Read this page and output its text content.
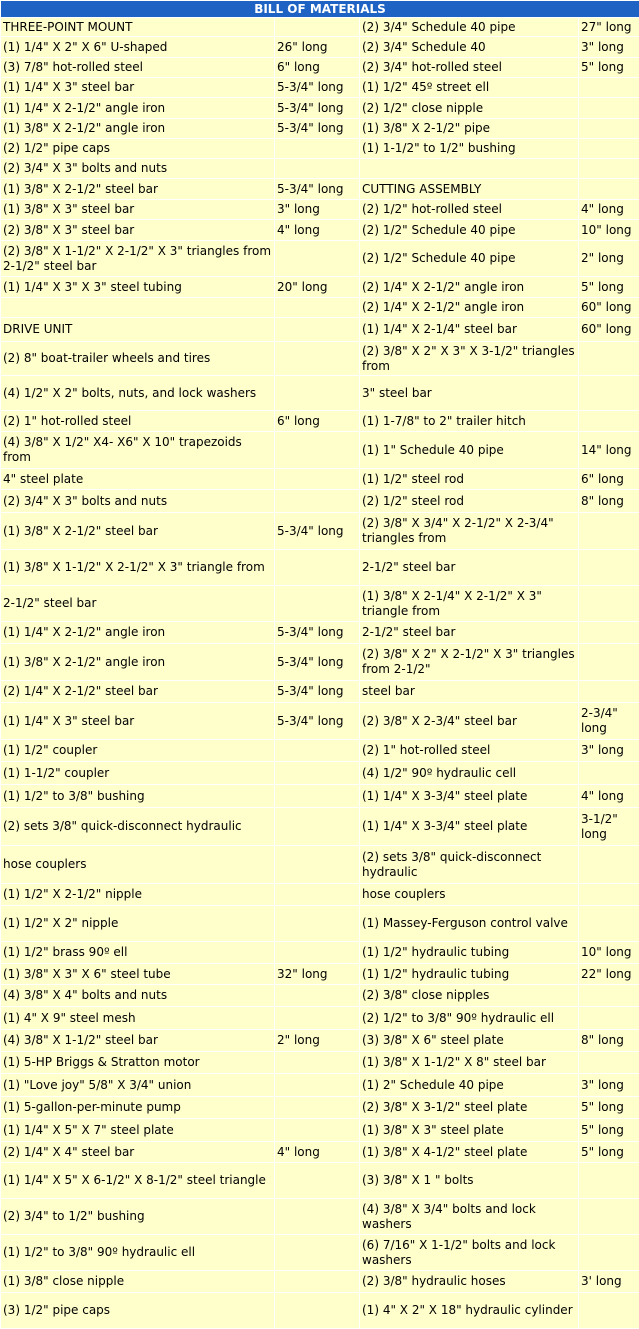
BILL OF MATERIALS			
THREE-POINT MOUNT		(2) 3/4" Schedule 40 pipe	27" long
(1) 1/4" X 2" X 6" U-shaped	26" long	(2) 3/4" Schedule 40	3" long
(3) 7/8" hot-rolled steel	6" long	(2) 3/4" hot-rolled steel	5" long
(1) 1/4" X 3" steel bar	5-3/4" long	(1) 1/2" 45º street ell	
(1) 1/4" X 2-1/2" angle iron	5-3/4" long	(2) 1/2" close nipple	
(1) 3/8" X 2-1/2" angle iron	5-3/4" long	(1) 3/8" X 2-1/2" pipe	
(2) 1/2" pipe caps		(1) 1-1/2" to 1/2" bushing	
(2) 3/4" X 3" bolts and nuts			
(1) 3/8" X 2-1/2" steel bar	5-3/4" long	CUTTING ASSEMBLY	
(1) 3/8" X 3" steel bar	3" long	(2) 1/2" hot-rolled steel	4" long
(2) 3/8" X 3" steel bar	4" long	(2) 1/2" Schedule 40 pipe	10" long
(2) 3/8" X 1-1/2" X 2-1/2" X 3" triangles from 2-1/2" steel bar		(2) 1/2" Schedule 40 pipe	2" long
(1) 1/4" X 3" X 3" steel tubing	20" long	(2) 1/4" X 2-1/2" angle iron	5" long
		(2) 1/4" X 2-1/2" angle iron	60" long
DRIVE UNIT		(1) 1/4" X 2-1/4" steel bar	60" long
(2) 8" boat-trailer wheels and tires		(2) 3/8" X 2" X 3" X 3-1/2" triangles from	
(4) 1/2" X 2" bolts, nuts, and lock washers		3" steel bar	
(2) 1" hot-rolled steel	6" long	(1) 1-7/8" to 2" trailer hitch	
(4) 3/8" X 1/2" X4- X6" X 10" trapezoids from		(1) 1" Schedule 40 pipe	14" long
4" steel plate		(1) 1/2" steel rod	6" long
(2) 3/4" X 3" bolts and nuts		(2) 1/2" steel rod	8" long
(1) 3/8" X 2-1/2" steel bar	5-3/4" long	(2) 3/8" X 3/4" X 2-1/2" X 2-3/4" triangles from	
(1) 3/8" X 1-1/2" X 2-1/2" X 3" triangle from		2-1/2" steel bar	
2-1/2" steel bar		(1) 3/8" X 2-1/4" X 2-1/2" X 3" triangle from	
(1) 1/4" X 2-1/2" angle iron	5-3/4" long	2-1/2" steel bar	
(1) 3/8" X 2-1/2" angle iron	5-3/4" long	(2) 3/8" X 2" X 2-1/2" X 3" triangles from 2-1/2"	
(2) 1/4" X 2-1/2" steel bar	5-3/4" long	steel bar	
(1) 1/4" X 3" steel bar	5-3/4" long	(2) 3/8" X 2-3/4" steel bar	2-3/4" long
(1) 1/2" coupler		(2) 1" hot-rolled steel	3" long
(1) 1-1/2" coupler		(4) 1/2" 90º hydraulic cell	
(1) 1/2" to 3/8" bushing		(1) 1/4" X 3-3/4" steel plate	4" long
(2) sets 3/8" quick-disconnect hydraulic		(1) 1/4" X 3-3/4" steel plate	3-1/2" long
hose couplers		(2) sets 3/8" quick-disconnect hydraulic	
(1) 1/2" X 2-1/2" nipple		hose couplers	
(1) 1/2" X 2" nipple		(1) Massey-Ferguson control valve	
(1) 1/2" brass 90º ell		(1) 1/2" hydraulic tubing	10" long
(1) 3/8" X 3" X 6" steel tube	32" long	(1) 1/2" hydraulic tubing	22" long
(4) 3/8" X 4" bolts and nuts		(2) 3/8" close nipples	
(1) 4" X 9" steel mesh		(2) 1/2" to 3/8" 90º hydraulic ell	
(4) 3/8" X 1-1/2" steel bar	2" long	(3) 3/8" X 6" steel plate	8" long
(1) 5-HP Briggs & Stratton motor		(1) 3/8" X 1-1/2" X 8" steel bar	
(1) "Love joy" 5/8" X 3/4" union		(1) 2" Schedule 40 pipe	3" long
(1) 5-gallon-per-minute pump		(2) 3/8" X 3-1/2" steel plate	5" long
(1) 1/4" X 5" X 7" steel plate		(1) 3/8" X 3" steel plate	5" long
(2) 1/4" X 4" steel bar	4" long	(1) 3/8" X 4-1/2" steel plate	5" long
(1) 1/4" X 5" X 6-1/2" X 8-1/2" steel triangle		(3) 3/8" X 1 " bolts	
(2) 3/4" to 1/2" bushing		(4) 3/8" X 3/4" bolts and lock washers	
(1) 1/2" to 3/8" 90º hydraulic ell		(6) 7/16" X 1-1/2" bolts and lock washers	
(1) 3/8" close nipple		(2) 3/8" hydraulic hoses	3' long
(3) 1/2" pipe caps		(1) 4" X 2" X 18" hydraulic cylinder	
